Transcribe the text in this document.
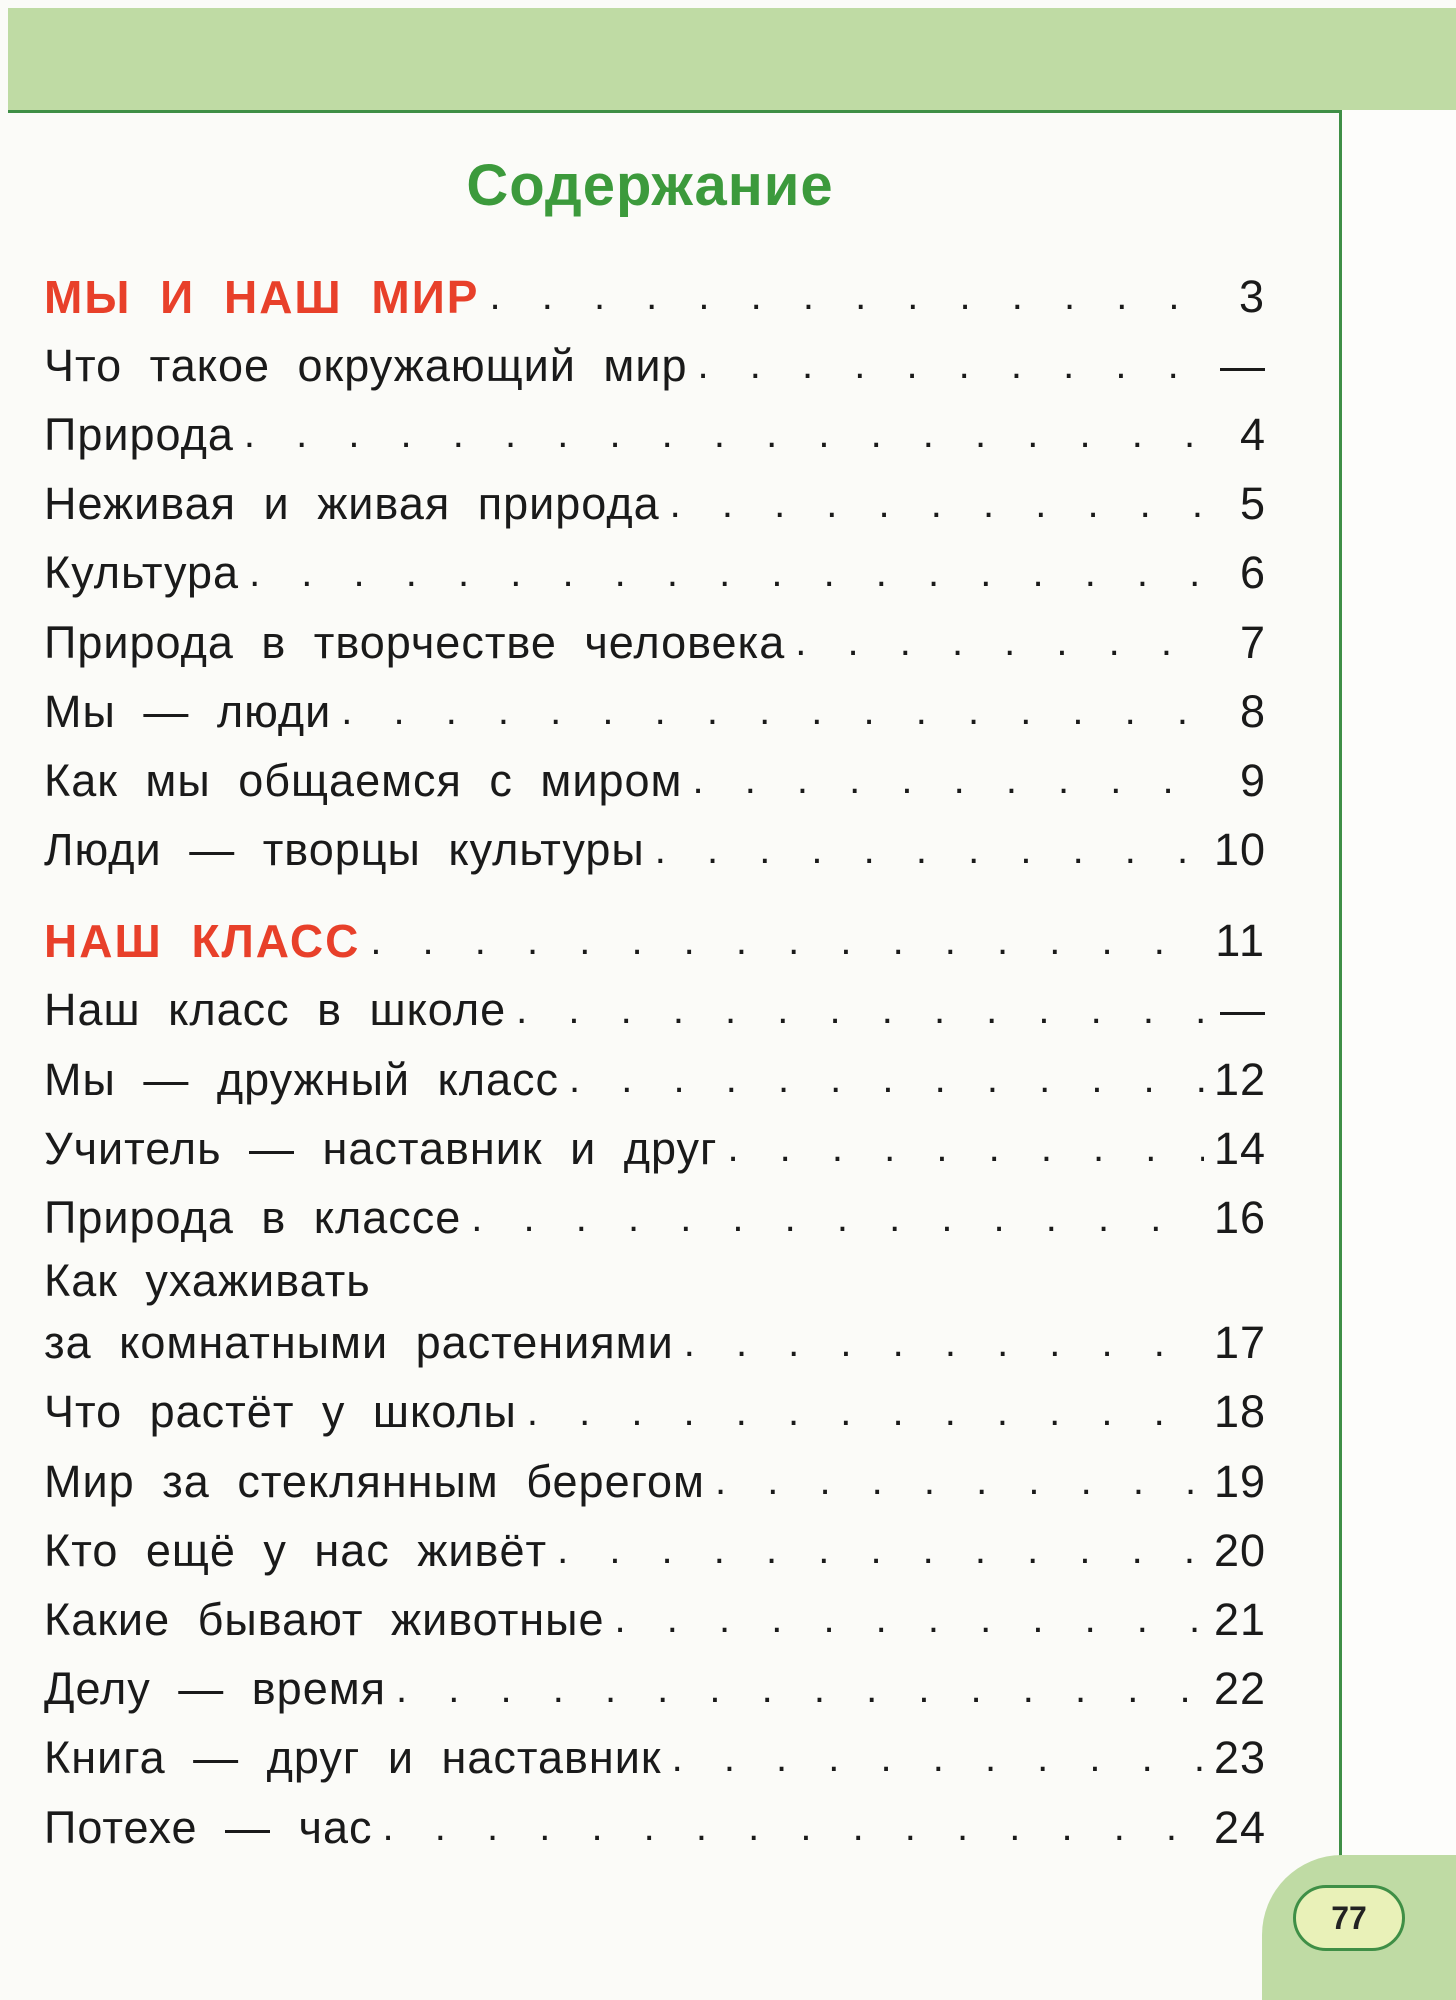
Содержание
МЫ И НАШ МИР . . .	3
Что такое окружающий мир . . .	—
Природа . . .	4
Неживая и живая природа . . .	5
Культура . . .	6
Природа в творчестве человека . . .	7
Мы — люди . . .	8
Как мы общаемся с миром . . .	9
Люди — творцы культуры . . .	10
НАШ КЛАСС . . .	11
Наш класс в школе . . .	—
Мы — дружный класс . . .	12
Учитель — наставник и друг . . .	14
Природа в классе . . .	16
Как ухаживать
за комнатными растениями . . .	17
Что растёт у школы . . .	18
Мир за стеклянным берегом . . .	19
Кто ещё у нас живёт . . .	20
Какие бывают животные . . .	21
Делу — время . . .	22
Книга — друг и наставник . . .	23
Потехе — час . . .	24
77
